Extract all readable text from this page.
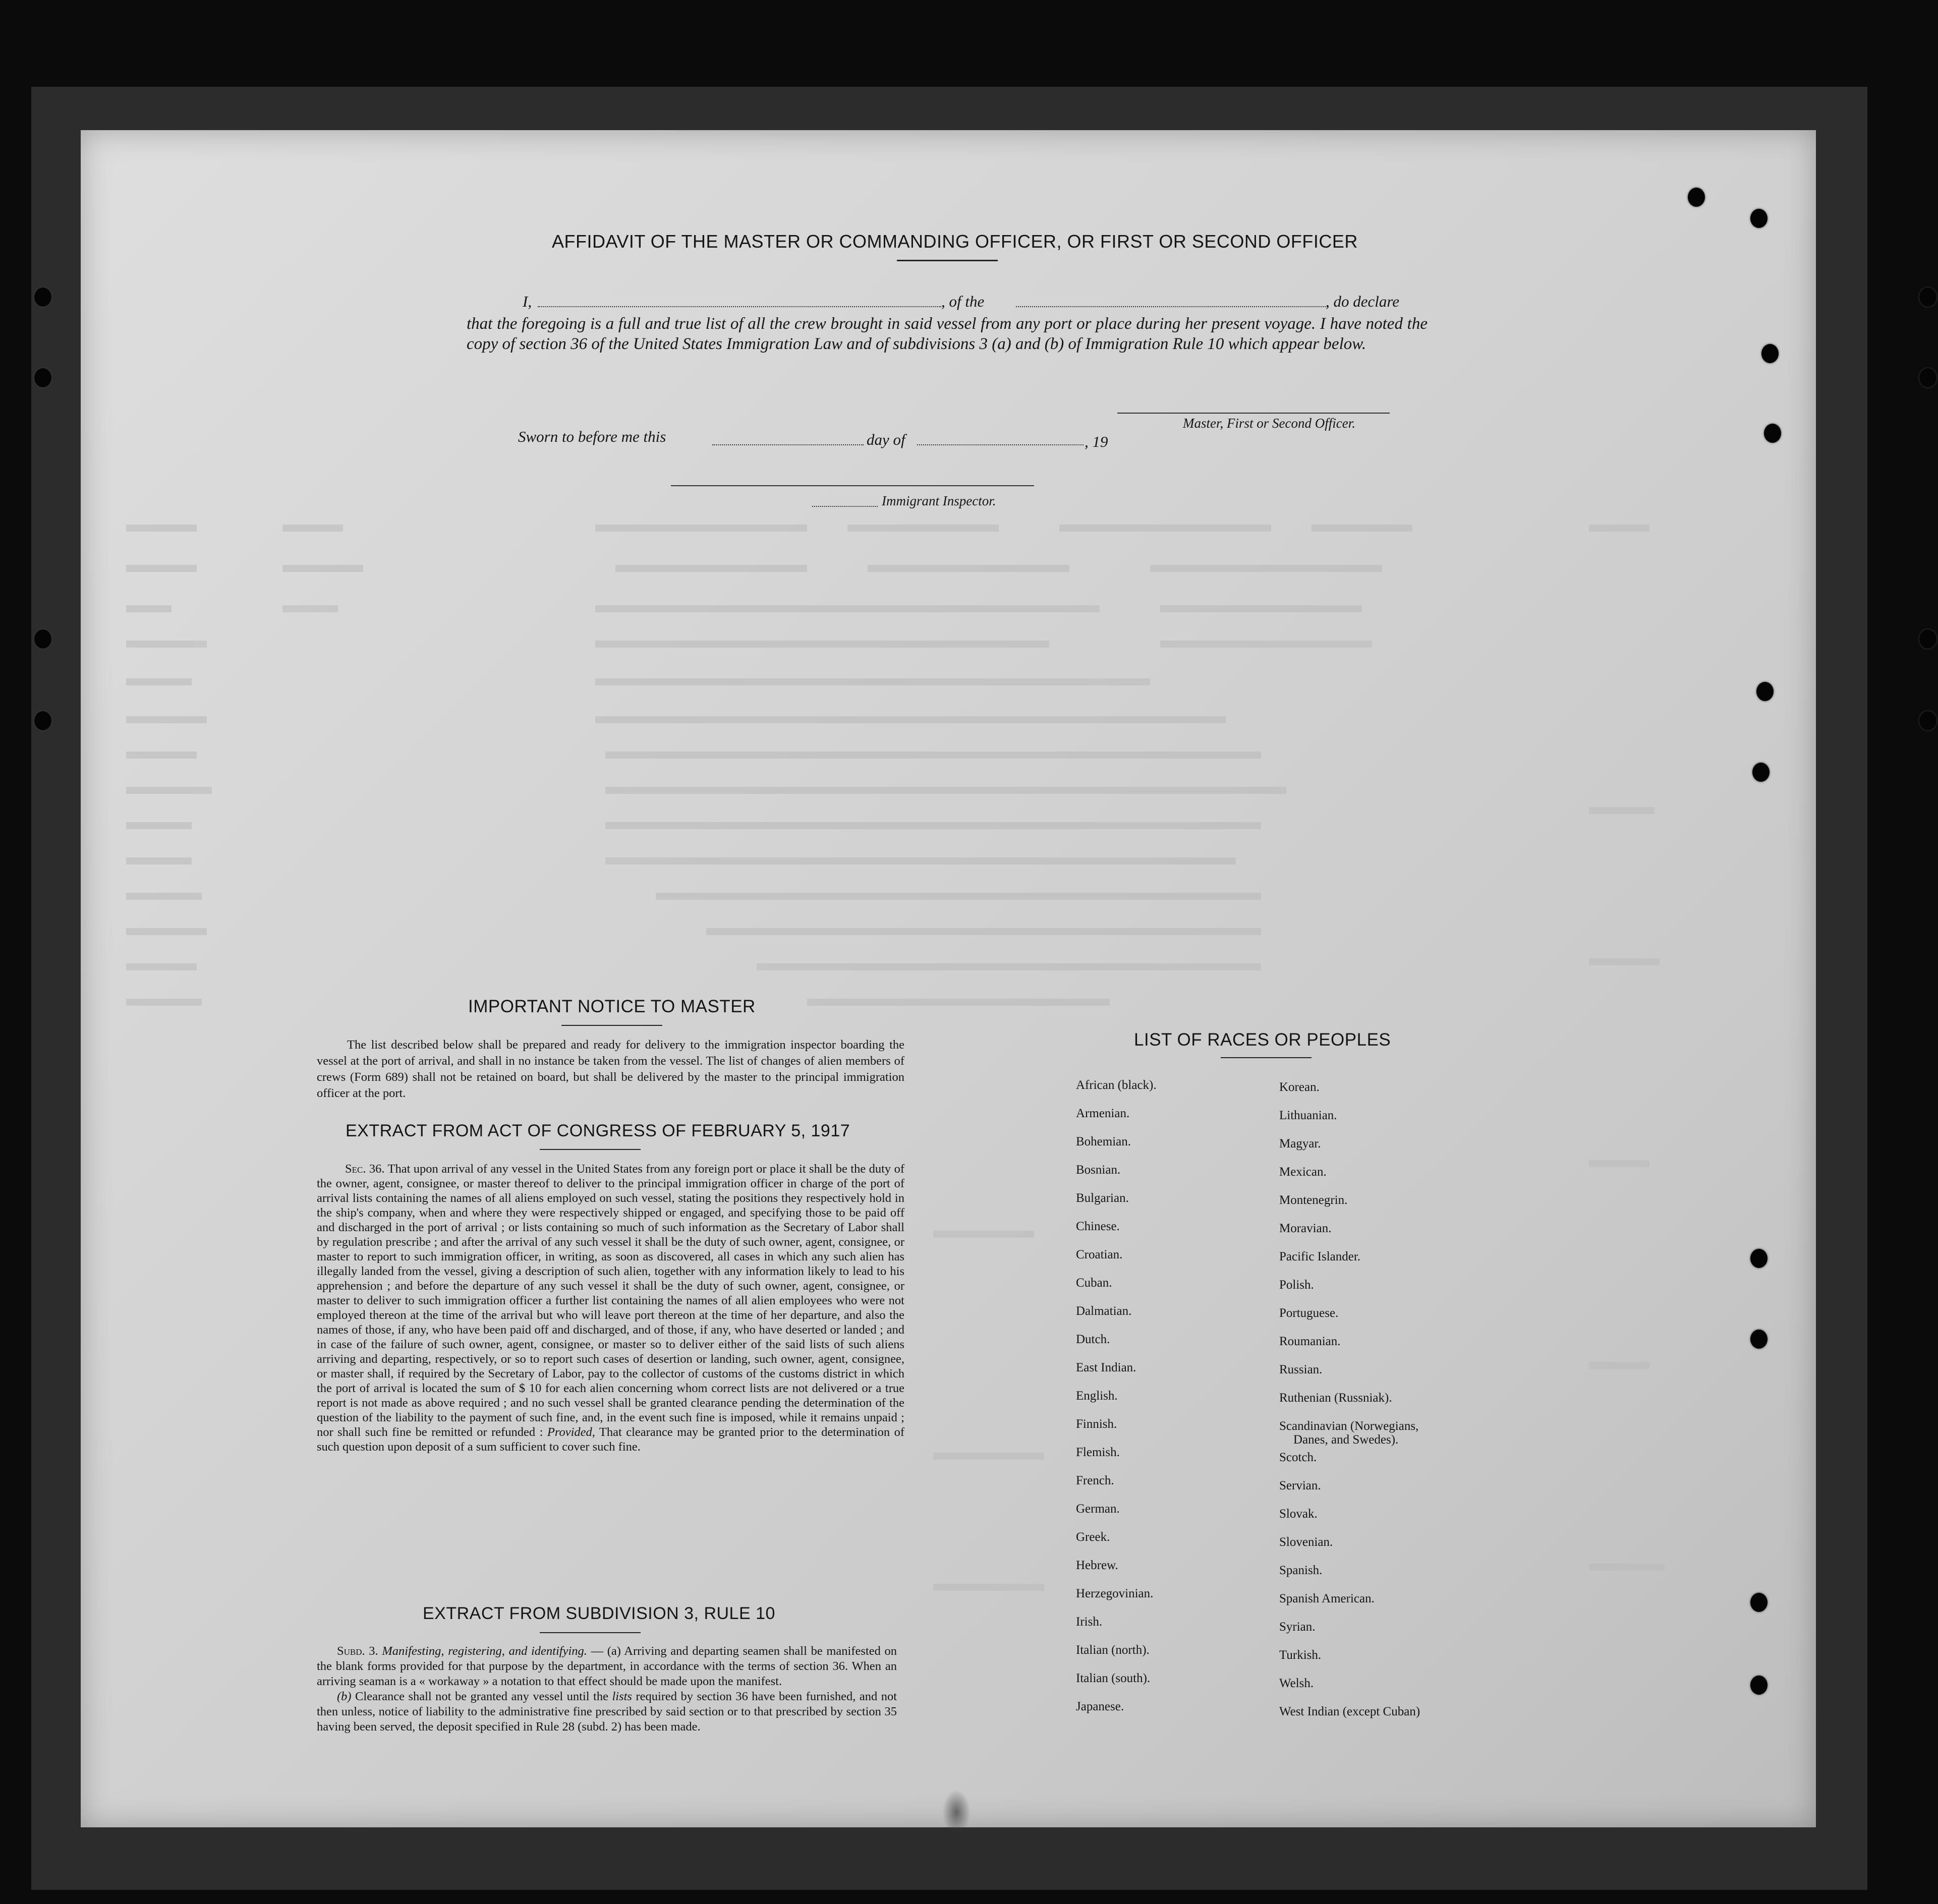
AFFIDAVIT OF THE MASTER OR COMMANDING OFFICER, OR FIRST OR SECOND OFFICER
I,	, of the	, do declare
that the foregoing is a full and true list of all the crew brought in said vessel from any port or place during her present voyage. I have noted the copy of section 36 of the United States Immigration Law and of subdivisions 3 (a) and (b) of Immigration Rule 10 which appear below.
Master, First or Second Officer.
Sworn to before me this	day of	, 19
Immigrant Inspector.
IMPORTANT NOTICE TO MASTER
The list described below shall be prepared and ready for delivery to the immigration inspector boarding the vessel at the port of arrival, and shall in no instance be taken from the vessel. The list of changes of alien members of crews (Form 689) shall not be retained on board, but shall be delivered by the master to the principal immigration officer at the port.
EXTRACT FROM ACT OF CONGRESS OF FEBRUARY 5, 1917
Sec. 36. That upon arrival of any vessel in the United States from any foreign port or place it shall be the duty of the owner, agent, consignee, or master thereof to deliver to the principal immigration officer in charge of the port of arrival lists containing the names of all aliens employed on such vessel, stating the positions they respectively hold in the ship's company, when and where they were respectively shipped or engaged, and specifying those to be paid off and discharged in the port of arrival ; or lists containing so much of such information as the Secretary of Labor shall by regulation prescribe ; and after the arrival of any such vessel it shall be the duty of such owner, agent, consignee, or master to report to such immigration officer, in writing, as soon as discovered, all cases in which any such alien has illegally landed from the vessel, giving a description of such alien, together with any information likely to lead to his apprehension ; and before the departure of any such vessel it shall be the duty of such owner, agent, consignee, or master to deliver to such immigration officer a further list containing the names of all alien employees who were not employed thereon at the time of the arrival but who will leave port thereon at the time of her departure, and also the names of those, if any, who have been paid off and discharged, and of those, if any, who have deserted or landed ; and in case of the failure of such owner, agent, consignee, or master so to deliver either of the said lists of such aliens arriving and departing, respectively, or so to report such cases of desertion or landing, such owner, agent, consignee, or master shall, if required by the Secretary of Labor, pay to the collector of customs of the customs district in which the port of arrival is located the sum of $ 10 for each alien concerning whom correct lists are not delivered or a true report is not made as above required ; and no such vessel shall be granted clearance pending the determination of the question of the liability to the payment of such fine, and, in the event such fine is imposed, while it remains unpaid ; nor shall such fine be remitted or refunded : Provided, That clearance may be granted prior to the determination of such question upon deposit of a sum sufficient to cover such fine.
EXTRACT FROM SUBDIVISION 3, RULE 10
Subd. 3. Manifesting, registering, and identifying. — (a) Arriving and departing seamen shall be manifested on the blank forms provided for that purpose by the department, in accordance with the terms of section 36. When an arriving seaman is a « workaway » a notation to that effect should be made upon the manifest.
(b) Clearance shall not be granted any vessel until the lists required by section 36 have been furnished, and not then unless, notice of liability to the administrative fine prescribed by said section or to that prescribed by section 35 having been served, the deposit specified in Rule 28 (subd. 2) has been made.
LIST OF RACES OR PEOPLES
African (black).
Armenian.
Bohemian.
Bosnian.
Bulgarian.
Chinese.
Croatian.
Cuban.
Dalmatian.
Dutch.
East Indian.
English.
Finnish.
Flemish.
French.
German.
Greek.
Hebrew.
Herzegovinian.
Irish.
Italian (north).
Italian (south).
Japanese.
Korean.
Lithuanian.
Magyar.
Mexican.
Montenegrin.
Moravian.
Pacific Islander.
Polish.
Portuguese.
Roumanian.
Russian.
Ruthenian (Russniak).
Scandinavian (Norwegians,
Danes, and Swedes).
Scotch.
Servian.
Slovak.
Slovenian.
Spanish.
Spanish American.
Syrian.
Turkish.
Welsh.
West Indian (except Cuban)
